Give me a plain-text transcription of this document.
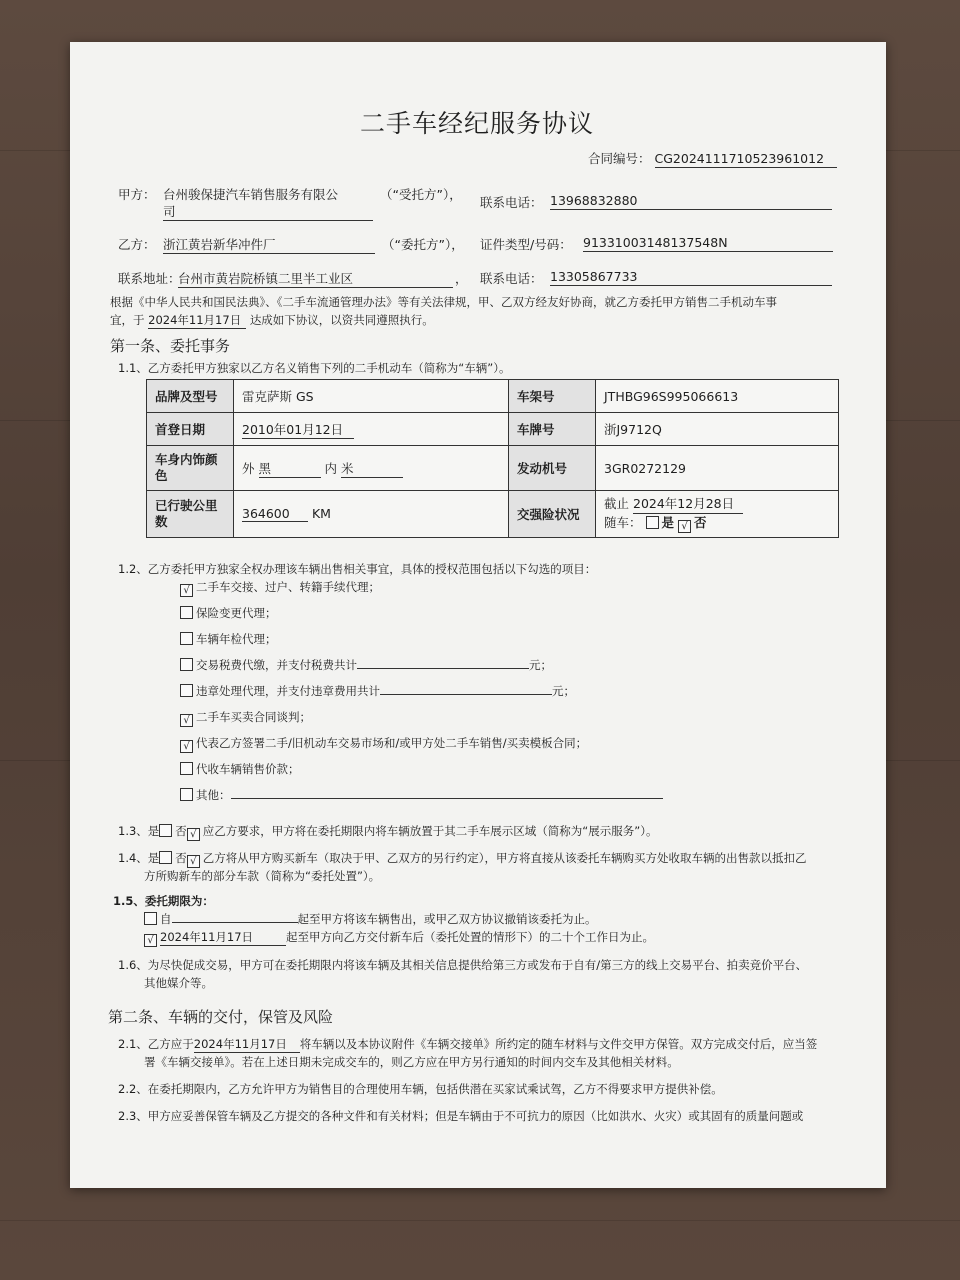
二手车经纪服务协议
合同编号： CG2024111710523961012
甲方： 台州骏保捷汽车销售服务有限公
司
（“受托方”），
联系电话： 13968832880
乙方： 浙江黄岩新华冲件厂	（“委托方”）， 证件类型/号码： 91331003148137548N
联系地址：
台州市黄岩院桥镇二里半工业区	， 联系电话： 13305867733
根据《中华人民共和国民法典》、《二手车流通管理办法》等有关法律规，甲、乙双方经友好协商，就乙方委托甲方销售二手机动车事
宜，于 2024年11月17日 达成如下协议，以资共同遵照执行。
第一条、委托事务
1.1、乙方委托甲方独家以乙方名义销售下列的二手机动车（简称为“车辆”）。
品牌及型号	雷克萨斯 GS	车架号	JTHBG96S995066613
首登日期	2010年01月12日	车牌号	浙J9712Q
车身内饰颜色	外 黑 内 米	发动机号	3GR0272129
已行驶公里数	364600 KM	交强险状况	截止 2024年12月28日
随车： 是 √ 否
1.2、乙方委托甲方独家全权办理该车辆出售相关事宜，具体的授权范围包括以下勾选的项目：
√ 二手车交接、过户、转籍手续代理；
保险变更代理；
车辆年检代理；
交易税费代缴，并支付税费共计	元；
违章处理代理，并支付违章费用共计	元；
√ 二手车买卖合同谈判；
√ 代表乙方签署二手/旧机动车交易市场和/或甲方处二手车销售/买卖模板合同；
代收车辆销售价款；
其他：
1.3、是 否 √ 应乙方要求，甲方将在委托期限内将车辆放置于其二手车展示区域（简称为“展示服务”）。
1.4、是 否 √ 乙方将从甲方购买新车（取决于甲、乙双方的另行约定），甲方将直接从该委托车辆购买方处收取车辆的出售款以抵扣乙
方所购新车的部分车款（简称为“委托处置”）。
1.5、委托期限为：
自	起至甲方将该车辆售出，或甲乙双方协议撤销该委托为止。
√ 2024年11月17日	起至甲方向乙方交付新车后（委托处置的情形下）的二十个工作日为止。
1.6、为尽快促成交易，甲方可在委托期限内将该车辆及其相关信息提供给第三方或发布于自有/第三方的线上交易平台、拍卖竞价平台、
其他媒介等。
第二条、车辆的交付，保管及风险
2.1、乙方应于2024年11月17日 将车辆以及本协议附件《车辆交接单》所约定的随车材料与文件交甲方保管。双方完成交付后，应当签
署《车辆交接单》。若在上述日期未完成交车的，则乙方应在甲方另行通知的时间内交车及其他相关材料。
2.2、在委托期限内，乙方允许甲方为销售目的合理使用车辆，包括供潜在买家试乘试驾，乙方不得要求甲方提供补偿。
2.3、甲方应妥善保管车辆及乙方提交的各种文件和有关材料；但是车辆由于不可抗力的原因（比如洪水、火灾）或其固有的质量问题或
